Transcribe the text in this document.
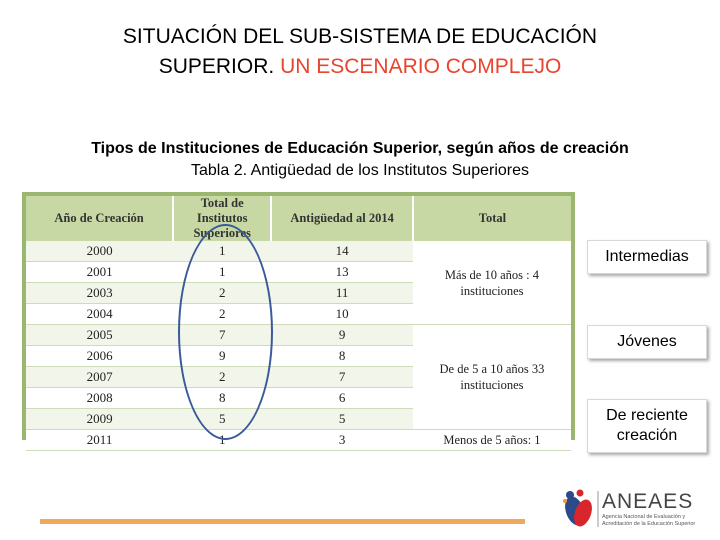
SITUACIÓN DEL SUB-SISTEMA DE EDUCACIÓN
SUPERIOR. UN ESCENARIO COMPLEJO
Tipos de Instituciones de Educación Superior, según años de creación
Tabla 2. Antigüedad de los Institutos Superiores
Año de Creación	Total de Institutos Superiores	Antigüedad al 2014	Total
2000	1	14	Más de 10 años : 4 instituciones
2001	1	13	
2003	2	11	
2004	2	10	
2005	7	9	De de 5 a 10 años 33 instituciones
2006	9	8	
2007	2	7	
2008	8	6	
2009	5	5	
2011	1	3	Menos de 5 años: 1
Intermedias
Jóvenes
De reciente
creación
ANEAES
Agencia Nacional de Evaluación y Acreditación de la Educación Superior
